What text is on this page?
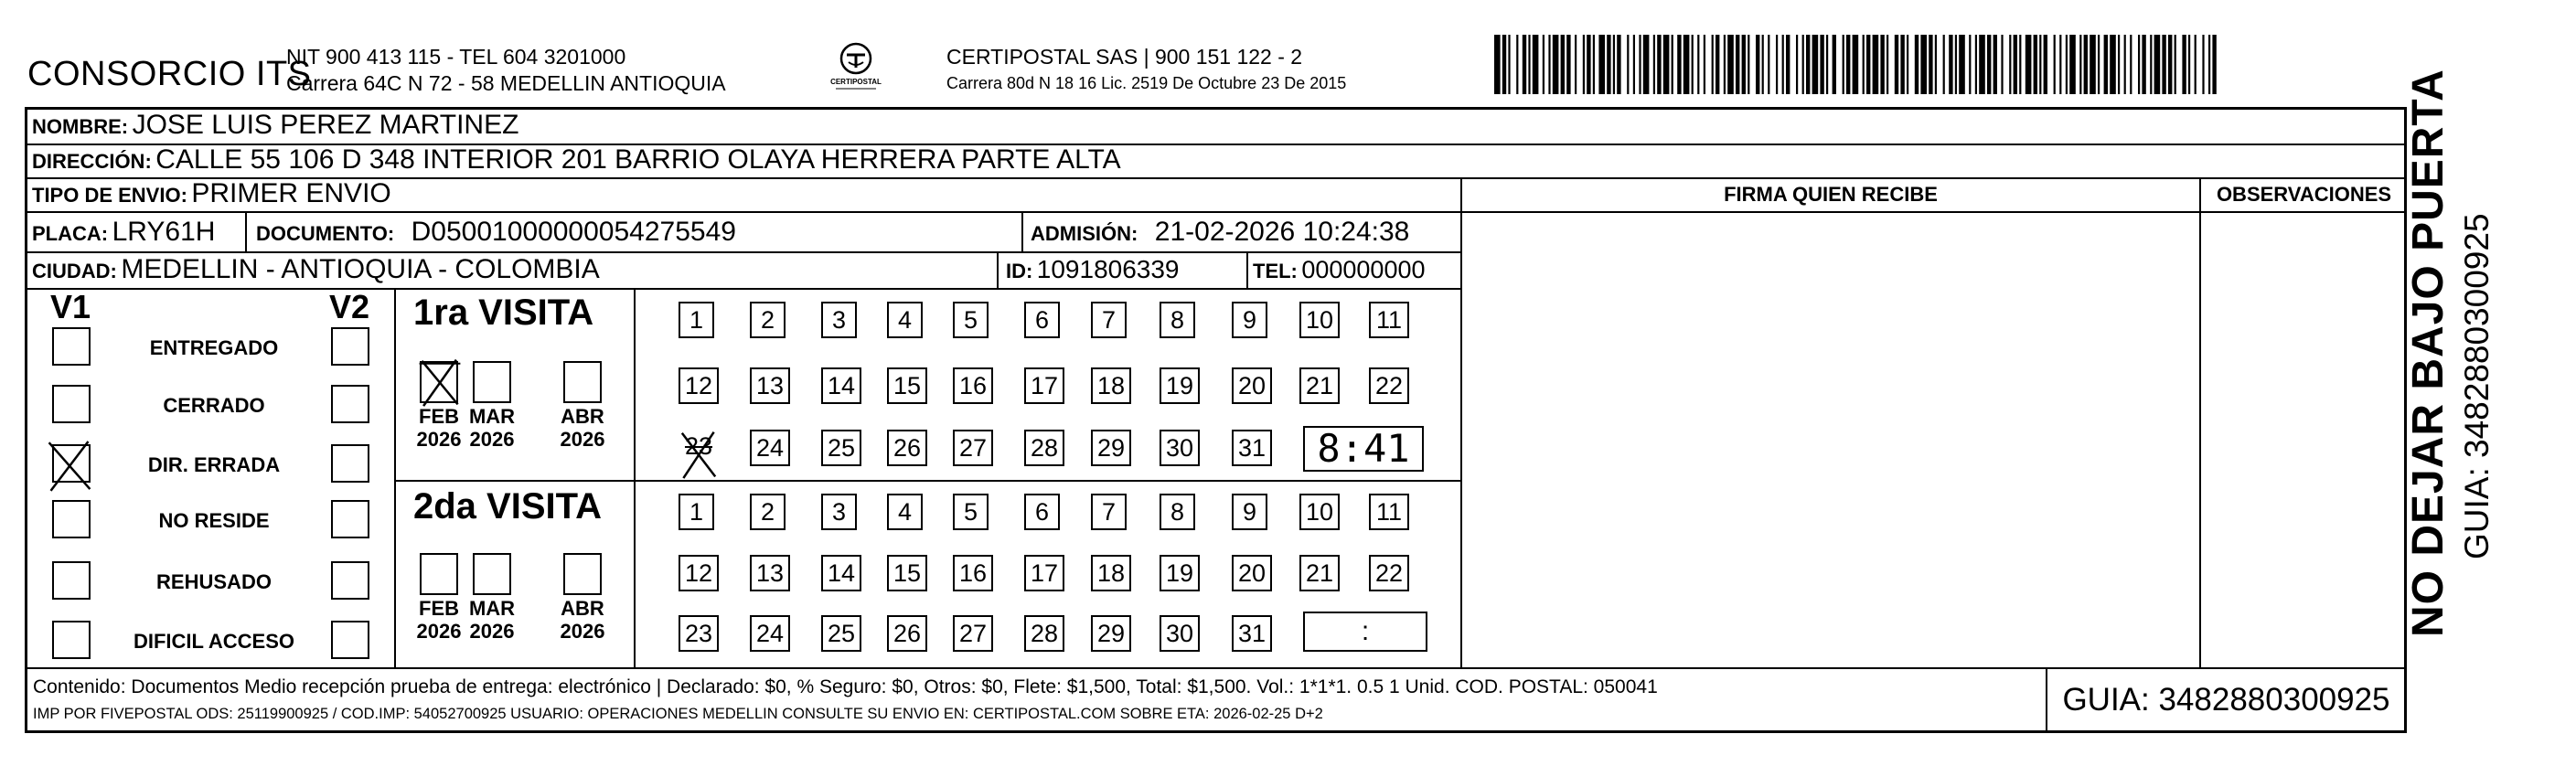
CONSORCIO ITS
NIT 900 413 115 - TEL 604 3201000
Carrera 64C N 72 - 58 MEDELLIN ANTIOQUIA	CERTIPOSTAL
CERTIPOSTAL SAS | 900 151 122 - 2
Carrera 80d N 18 16 Lic. 2519 De Octubre 23 De 2015
NOMBRE: JOSE LUIS PEREZ MARTINEZ
DIRECCIÓN: CALLE 55 106 D 348 INTERIOR 201 BARRIO OLAYA HERRERA PARTE ALTA
TIPO DE ENVIO: PRIMER ENVIO	FIRMA QUIEN RECIBE	OBSERVACIONES
PLACA: LRY61H DOCUMENTO: D05001000000054275549	ADMISIÓN: 21-02-2026 10:24:38
CIUDAD: MEDELLIN - ANTIOQUIA - COLOMBIA	ID: 1091806339	TEL: 000000000
V1	V2
ENTREGADO
CERRADO
DIR. ERRADA
NO RESIDE
REHUSADO
DIFICIL ACCESO
1ra VISITA
FEB
2026
MAR
2026
ABR
2026
1	2	3	4	5	6	7	8	9	10 11
12 13 14 15 16 17 18 19 20 21 22
23 24 25 26 27 28 29 30 31	8:41
2da VISITA
FEB
2026
MAR
2026
ABR
2026
1	2	3	4	5	6	7	8	9	10 11
12 13 14 15 16 17 18 19 20 21 22
23 24 25 26 27 28 29 30 31	:
Contenido: Documentos Medio recepción prueba de entrega: electrónico | Declarado: $0, % Seguro: $0, Otros: $0, Flete: $1,500, Total: $1,500. Vol.: 1*1*1. 0.5 1 Unid. COD. POSTAL: 050041
IMP POR FIVEPOSTAL ODS: 25119900925 / COD.IMP: 54052700925 USUARIO: OPERACIONES MEDELLIN CONSULTE SU ENVIO EN: CERTIPOSTAL.COM SOBRE ETA: 2026-02-25 D+2	GUIA: 3482880300925
NO DEJAR BAJO PUERTA GUIA: 3482880300925
